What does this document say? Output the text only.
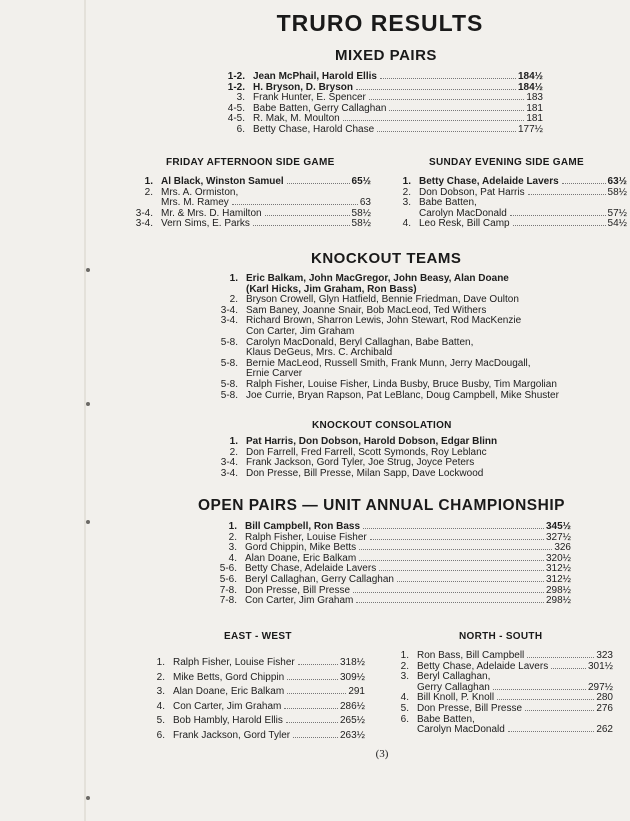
TRURO RESULTS
MIXED PAIRS
1-2. Jean McPhail, Harold Ellis	184½
1-2. H. Bryson, D. Bryson	184½
3. Frank Hunter, E. Spencer	183
4-5. Babe Batten, Gerry Callaghan	181
4-5. R. Mak, M. Moulton	181
6. Betty Chase, Harold Chase	177½
FRIDAY AFTERNOON SIDE GAME
1. Al Black, Winston Samuel	65½
2. Mrs. A. Ormiston,
Mrs. M. Ramey	63
3-4. Mr. & Mrs. D. Hamilton	58½
3-4. Vern Sims, E. Parks	58½
SUNDAY EVENING SIDE GAME
1. Betty Chase, Adelaide Lavers	63½
2. Don Dobson, Pat Harris	58½
3. Babe Batten,
Carolyn MacDonald	57½
4. Leo Resk, Bill Camp	54½
KNOCKOUT TEAMS
1. Eric Balkam, John MacGregor, John Beasy, Alan Doane
(Karl Hicks, Jim Graham, Ron Bass)
2. Bryson Crowell, Glyn Hatfield, Bennie Friedman, Dave Oulton
3-4. Sam Baney, Joanne Snair, Bob MacLeod, Ted Withers
3-4. Richard Brown, Sharron Lewis, John Stewart, Rod MacKenzie
Con Carter, Jim Graham
5-8. Carolyn MacDonald, Beryl Callaghan, Babe Batten,
Klaus DeGeus, Mrs. C. Archibald
5-8. Bernie MacLeod, Russell Smith, Frank Munn, Jerry MacDougall,
Ernie Carver
5-8. Ralph Fisher, Louise Fisher, Linda Busby, Bruce Busby, Tim Margolian
5-8. Joe Currie, Bryan Rapson, Pat LeBlanc, Doug Campbell, Mike Shuster
KNOCKOUT CONSOLATION
1. Pat Harris, Don Dobson, Harold Dobson, Edgar Blinn
2. Don Farrell, Fred Farrell, Scott Symonds, Roy Leblanc
3-4. Frank Jackson, Gord Tyler, Joe Strug, Joyce Peters
3-4. Don Presse, Bill Presse, Milan Sapp, Dave Lockwood
OPEN PAIRS — UNIT ANNUAL CHAMPIONSHIP
1. Bill Campbell, Ron Bass	345½
2. Ralph Fisher, Louise Fisher	327½
3. Gord Chippin, Mike Betts	326
4. Alan Doane, Eric Balkam	320½
5-6. Betty Chase, Adelaide Lavers	312½
5-6. Beryl Callaghan, Gerry Callaghan	312½
7-8. Don Presse, Bill Presse	298½
7-8. Con Carter, Jim Graham	298½
EAST - WEST
1. Ralph Fisher, Louise Fisher	318½
2. Mike Betts, Gord Chippin	309½
3. Alan Doane, Eric Balkam	291
4. Con Carter, Jim Graham	286½
5. Bob Hambly, Harold Ellis	265½
6. Frank Jackson, Gord Tyler	263½
NORTH - SOUTH
1. Ron Bass, Bill Campbell	323
2. Betty Chase, Adelaide Lavers	301½
3. Beryl Callaghan,
Gerry Callaghan	297½
4. Bill Knoll, P. Knoll	280
5. Don Presse, Bill Presse	276
6. Babe Batten,
Carolyn MacDonald	262
(3)
